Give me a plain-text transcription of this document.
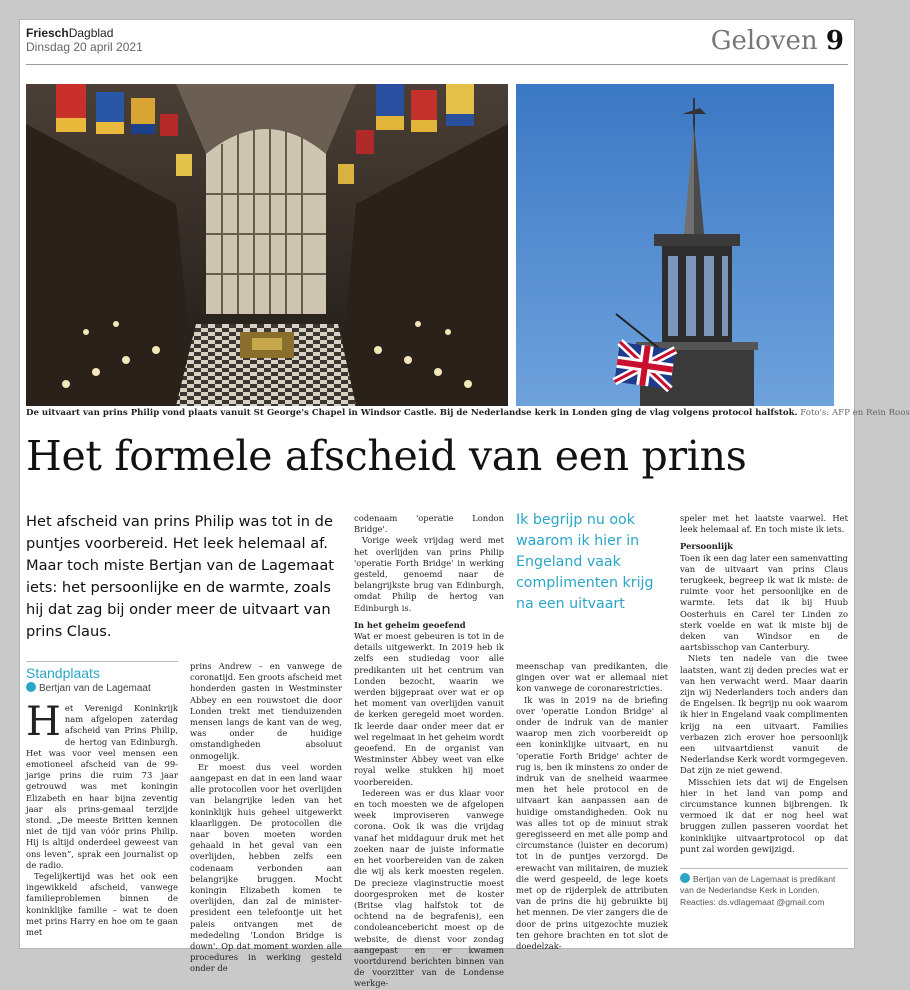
FrieschDagblad
Dinsdag 20 april 2021	Geloven 9
De uitvaart van prins Philip vond plaats vanuit St George's Chapel in Windsor Castle. Bij de Nederlandse kerk in Londen ging de vlag volgens protocol halfstok. Foto's: AFP en Rein Roos
Het formele afscheid van een prins
Het afscheid van prins Philip was tot in de puntjes voorbereid. Het leek helemaal af. Maar toch miste Bertjan van de Lagemaat iets: het persoonlijke en de warmte, zoals hij dat zag bij onder meer de uitvaart van prins Claus.
Standplaats
Bertjan van de Lagemaat

Het Verenigd Koninkrijk nam afgelopen zaterdag afscheid van Prins Philip, de hertog van Edinburgh. Het was voor veel mensen een emotioneel afscheid van de 99-jarige prins die ruim 73 jaar getrouwd was met koningin Elizabeth en haar bijna zeventig jaar als prins-gemaal terzijde stond. „De meeste Britten kennen niet de tijd van vóór prins Philip. Hij is altijd onderdeel geweest van ons leven”, sprak een journalist op de radio.

Tegelijkertijd was het ook een ingewikkeld afscheid, vanwege familieproblemen binnen de koninklijke familie – wat te doen met prins Harry en hoe om te gaan met

prins Andrew – en vanwege de coronatijd. Een groots afscheid met honderden gasten in Westminster Abbey en een rouwstoet die door Londen trekt met tienduizenden mensen langs de kant van de weg, was onder de huidige omstandigheden absoluut onmogelijk.

Er moest dus veel worden aangepast en dat in een land waar alle protocollen voor het overlijden van belangrijke leden van het koninklijk huis geheel uitgewerkt klaarliggen. De protocollen die naar boven moeten worden gehaald in het geval van een overlijden, hebben zelfs een codenaam verbonden aan belangrijke bruggen. Mocht koningin Elizabeth komen te overlijden, dan zal de minister-president een telefoontje uit het paleis ontvangen met de mededeling 'London Bridge is down'. Op dat moment worden alle procedures in werking gesteld onder de

codenaam 'operatie London Bridge'.

Vorige week vrijdag werd met het overlijden van prins Philip 'operatie Forth Bridge' in werking gesteld, genoemd naar de belangrijkste brug van Edinburgh, omdat Philip de hertog van Edinburgh is.

In het geheim geoefend

Wat er moest gebeuren is tot in de details uitgewerkt. In 2019 heb ik zelfs een studiedag voor alle predikanten uit het centrum van Londen bezocht, waarin we werden bijgepraat over wat er op het moment van overlijden vanuit de kerken geregeld moet worden. Ik leerde daar onder meer dat er wel regelmaat in het geheim wordt geoefend. En de organist van Westminster Abbey weet van elke royal welke stukken hij moet voorbereiden.

Iedereen was er dus klaar voor en toch moesten we de afgelopen week improviseren vanwege corona. Ook ik was die vrijdag vanaf het middaguur druk met het zoeken naar de juiste informatie en het voorbereiden van de zaken die wij als kerk moesten regelen. De precieze vlaginstructie moest doorgesproken met de koster (Britse vlag halfstok tot de ochtend na de begrafenis), een condoleancebericht moest op de website, de dienst voor zondag aangepast en er kwamen voortdurend berichten binnen van de voorzitter van de Londense werkge-

Ik begrijp nu ook waarom ik hier in Engeland vaak complimenten krijg na een uitvaart

meenschap van predikanten, die gingen over wat er allemaal niet kon vanwege de coronarestricties.

Ik was in 2019 na de briefing over 'operatie London Bridge' al onder de indruk van de manier waarop men zich voorbereidt op een koninklijke uitvaart, en nu 'operatie Forth Bridge' achter de rug is, ben ik minstens zo onder de indruk van de snelheid waarmee men het hele protocol en de uitvaart kan aanpassen aan de huidige omstandigheden. Ook nu was alles tot op de minuut strak geregisseerd en met alle pomp and circumstance (luister en decorum) tot in de puntjes verzorgd. De erewacht van militairen, de muziek die werd gespeeld, de lege koets met op de rijderplek de attributen van de prins die hij gebruikte bij het mennen. De vier zangers die de door de prins uitgezochte muziek ten gehore brachten en tot slot de doedelzak-

speler met het laatste vaarwel. Het leek helemaal af. En toch miste ik iets.

Persoonlijk

Toen ik een dag later een samenvatting van de uitvaart van prins Claus terugkeek, begreep ik wat ik miste: de ruimte voor het persoonlijke en de warmte. Iets dat ik bij Huub Oosterhuis en Carel ter Linden zo sterk voelde en wat ik miste bij de deken van Windsor en de aartsbisschop van Canterbury.

Niets ten nadele van die twee laatsten, want zij deden precies wat er van hen verwacht werd. Maar daarin zijn wij Nederlanders toch anders dan de Engelsen. Ik begrijp nu ook waarom ik hier in Engeland vaak complimenten krijg na een uitvaart. Families verbazen zich erover hoe persoonlijk een uitvaartdienst vanuit de Nederlandse Kerk wordt vormgegeven. Dat zijn ze niet gewend.

Misschien iets dat wij de Engelsen hier in het land van pomp and circumstance kunnen bijbrengen. Ik vermoed ik dat er nog heel wat bruggen zullen passeren voordat het koninklijke uitvaartprotocol op dat punt zal worden gewijzigd.

Bertjan van de Lagemaat is predikant van de Nederlandse Kerk in Londen. Reacties: ds.vdlagemaat @gmail.com
